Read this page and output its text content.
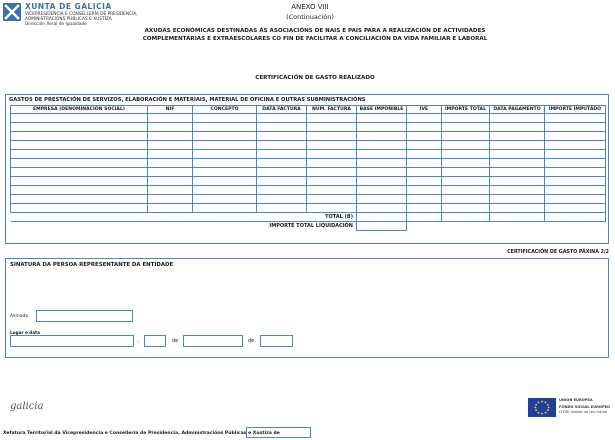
XUNTA DE GALICIA
VICEPRESIDENCIA E CONSELLERÍA DE PRESIDENCIA,
ADMINISTRACIÓNS PÚBLICAS E XUSTIZA
Dirección Xeral de Igualdade
ANEXO VIII
(Continuación)
AXUDAS ECONÓMICAS DESTINADAS ÁS ASOCIACIÓNS DE NAIS E PAIS PARA A REALIZACIÓN DE ACTIVIDADES
COMPLEMENTARIAS E EXTRAESCOLARES CO FIN DE FACILITAR A CONCILIACIÓN DA VIDA FAMILIAR E LABORAL
CERTIFICACIÓN DE GASTO REALIZADO
GASTOS DE PRESTACIÓN DE SERVIZOS, ELABORACIÓN E MATERIAIS, MATERIAL DE OFICINA E OUTRAS SUBMINISTRACIÓNS
EMPRESA (DENOMINACIÓN SOCIAL)	NIF	CONCEPTO	DATA FACTURA	NÚM. FACTURA	BASE IMPOÑIBLE	IVE	IMPORTE TOTAL	DATA PAGAMENTO	IMPORTE IMPUTADO

TOTAL (B)									
IMPORTE TOTAL LIQUIDACIÓN									
CERTIFICACIÓN DE GASTO PÁXINA 2/2
SINATURA DA PERSOA REPRESENTANTE DA ENTIDADE
Asinado
Lugar e data
,	de	de
galicia
UNIÓN EUROPEA
FONDO SOCIAL EUROPEO
O FSE inviste no teu futuro
Xefatura Territorial da Vicepresidencia e Consellería de Presidencia, Administracións Públicas e Xustiza de
